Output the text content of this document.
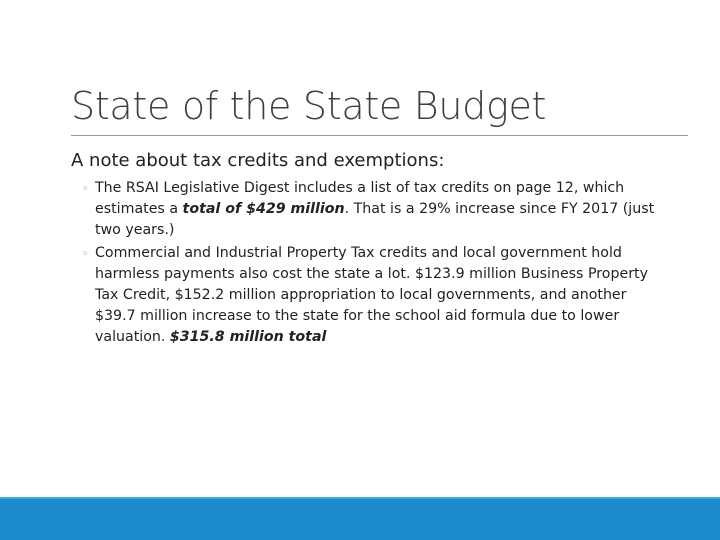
State of the State Budget

A note about tax credits and exemptions:

◦ The RSAI Legislative Digest includes a list of tax credits on page 12, which estimates a total of $429 million. That is a 29% increase since FY 2017 (just two years.)
◦ Commercial and Industrial Property Tax credits and local government hold harmless payments also cost the state a lot. $123.9 million Business Property Tax Credit, $152.2 million appropriation to local governments, and another $39.7 million increase to the state for the school aid formula due to lower valuation. $315.8 million total
